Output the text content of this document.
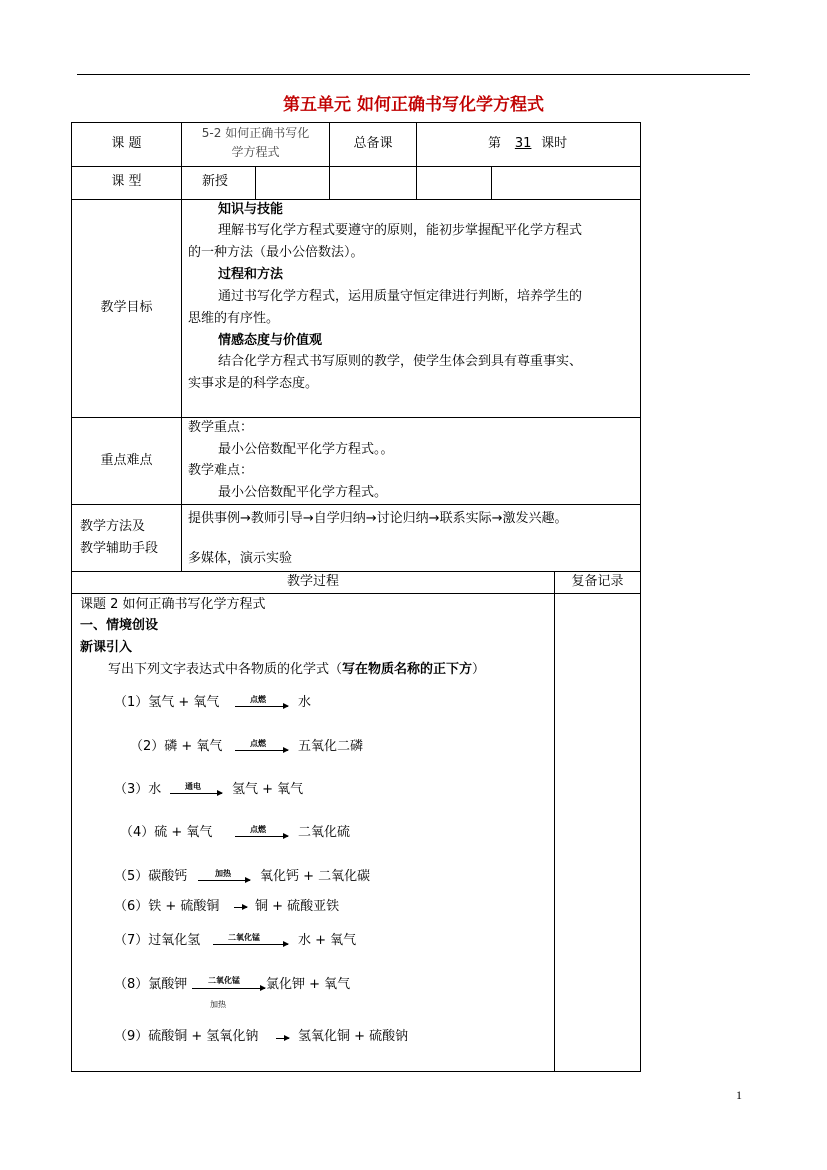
第五单元 如何正确书写化学方程式
课 题
5-2 如何正确书写化
学方程式
总备课	第 31 课时
课 型	新授
教学目标
知识与技能
理解书写化学方程式要遵守的原则，能初步掌握配平化学方程式
的一种方法（最小公倍数法）。
过程和方法
通过书写化学方程式，运用质量守恒定律进行判断，培养学生的
思维的有序性。
情感态度与价值观
结合化学方程式书写原则的教学，使学生体会到具有尊重事实、
实事求是的科学态度。
重点难点
教学重点：
最小公倍数配平化学方程式。。
教学难点：
最小公倍数配平化学方程式。
教学方法及
教学辅助手段
提供事例→教师引导→自学归纳→讨论归纳→联系实际→激发兴趣。
多媒体，演示实验
教学过程	复备记录
课题 2 如何正确书写化学方程式
一、情境创设
新课引入
写出下列文字表达式中各物质的化学式（写在物质名称的正下方）
（1）氢气 + 氧气	点燃 水
（2）磷 + 氧气	点燃 五氧化二磷
（3）水	通电 氢气 + 氧气
（4）硫 + 氧气	点燃 二氧化硫
（5）碳酸钙	加热 氧化钙 + 二氧化碳
（6）铁 + 硫酸铜	铜 + 硫酸亚铁
（7）过氧化氢	二氧化锰	水 + 氧气
（8）氯酸钾	二氧化锰
加热
氯化钾 + 氧气
（9）硫酸铜 + 氢氧化钠	氢氧化铜 + 硫酸钠
1
